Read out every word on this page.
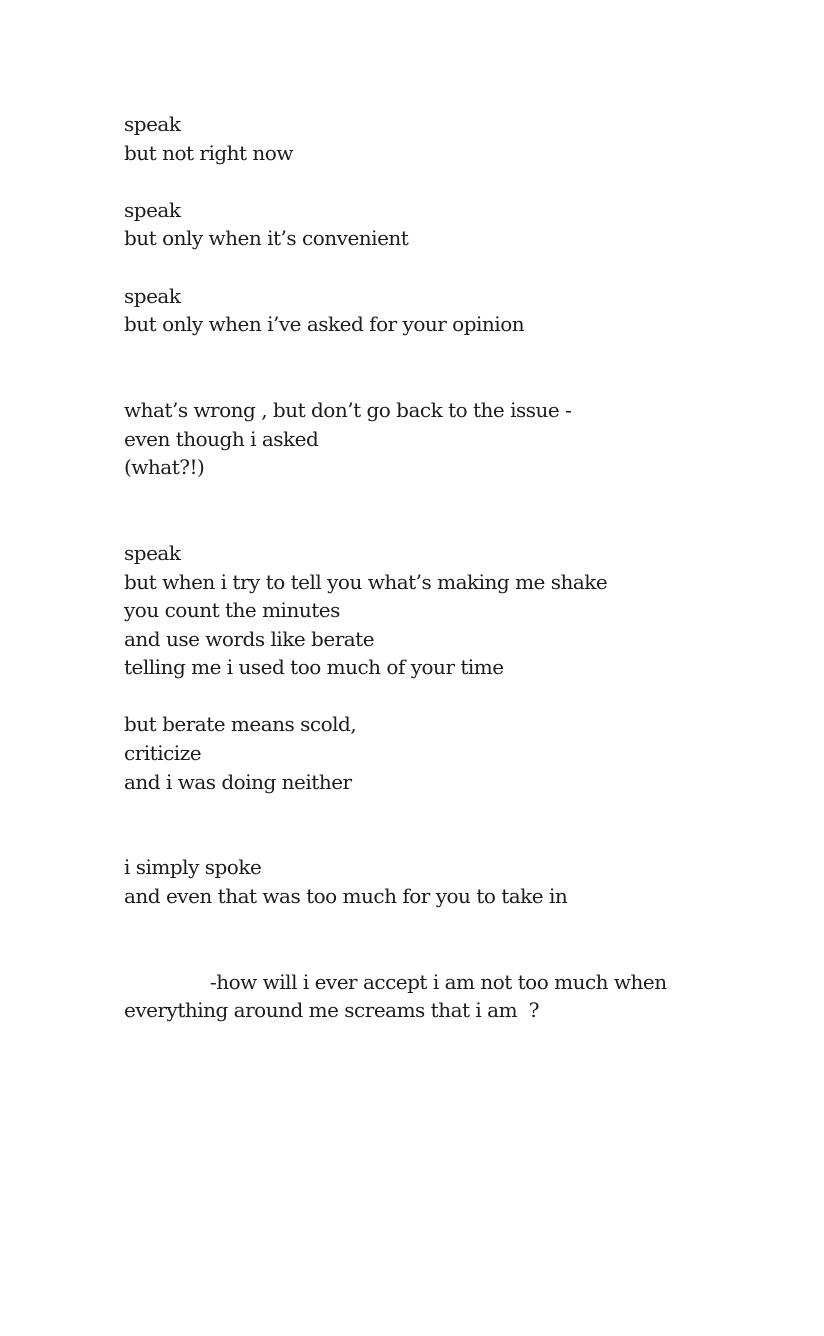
speak
but not right now
speak
but only when it’s convenient
speak
but only when i’ve asked for your opinion
what’s wrong , but don’t go back to the issue -
even though i asked
(what?!)
speak
but when i try to tell you what’s making me shake
you count the minutes
and use words like berate
telling me i used too much of your time
but berate means scold,
criticize
and i was doing neither
i simply spoke
and even that was too much for you to take in
-how will i ever accept i am not too much when
everything around me screams that i am  ?
